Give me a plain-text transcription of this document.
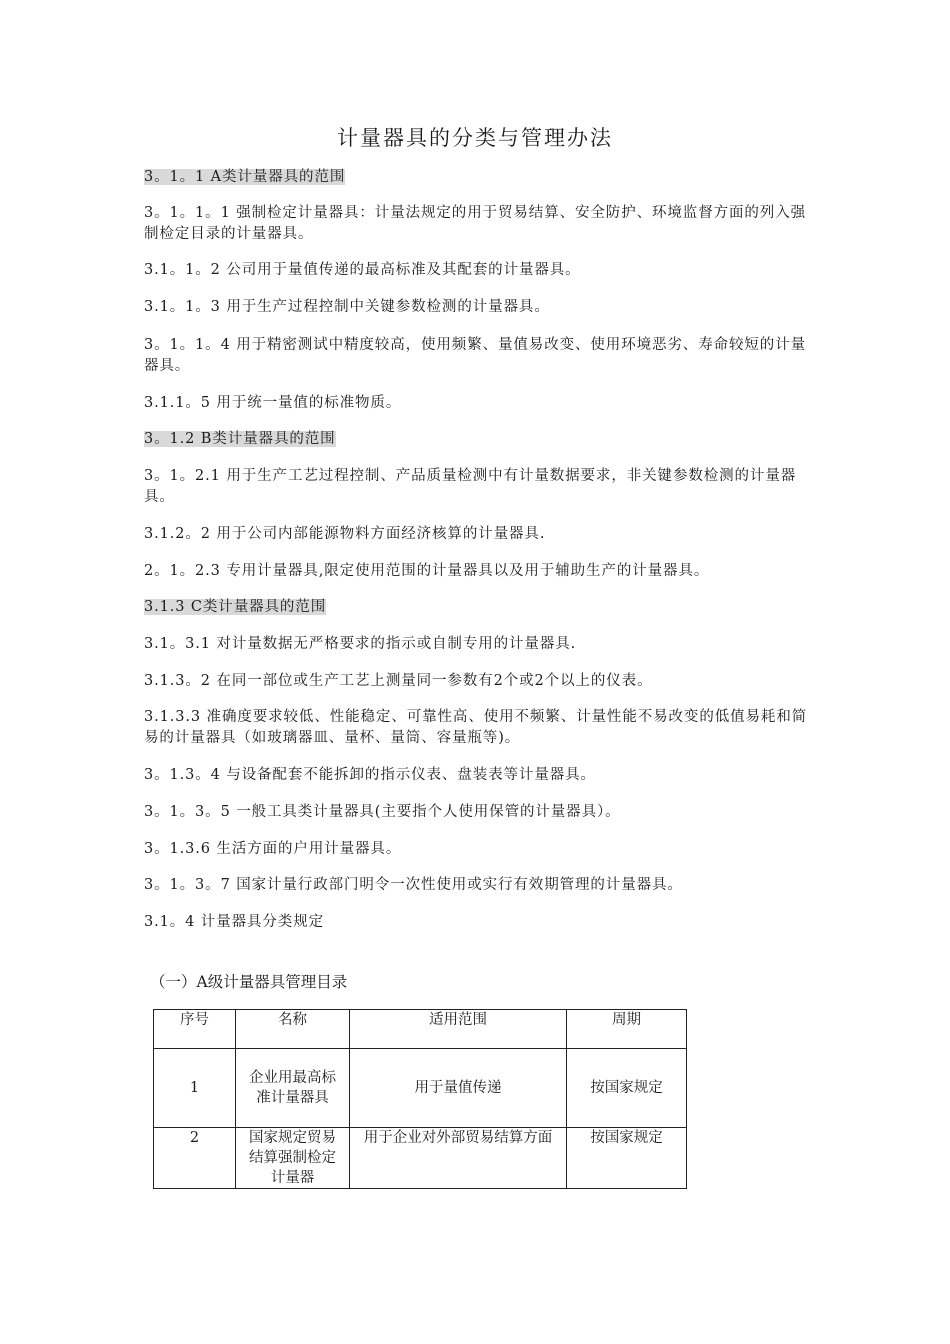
计量器具的分类与管理办法
3。1。1 A类计量器具的范围
3。1。1。1 强制检定计量器具：计量法规定的用于贸易结算、安全防护、环境监督方面的列入强制检定目录的计量器具。
3.1。1。2 公司用于量值传递的最高标准及其配套的计量器具。
3.1。1。3 用于生产过程控制中关键参数检测的计量器具。
3。1。1。4 用于精密测试中精度较高，使用频繁、量值易改变、使用环境恶劣、寿命较短的计量器具。
3.1.1。5 用于统一量值的标准物质。
3。1.2 B类计量器具的范围
3。1。2.1 用于生产工艺过程控制、产品质量检测中有计量数据要求，非关键参数检测的计量器具。
3.1.2。2 用于公司内部能源物料方面经济核算的计量器具.
2。1。2.3 专用计量器具,限定使用范围的计量器具以及用于辅助生产的计量器具。
3.1.3 C类计量器具的范围
3.1。3.1 对计量数据无严格要求的指示或自制专用的计量器具.
3.1.3。2 在同一部位或生产工艺上测量同一参数有2个或2个以上的仪表。
3.1.3.3 准确度要求较低、性能稳定、可靠性高、使用不频繁、计量性能不易改变的低值易耗和简易的计量器具（如玻璃器皿、量杯、量筒、容量瓶等)。
3。1.3。4 与设备配套不能拆卸的指示仪表、盘装表等计量器具。
3。1。3。5 一般工具类计量器具(主要指个人使用保管的计量器具）。
3。1.3.6 生活方面的户用计量器具。
3。1。3。7 国家计量行政部门明令一次性使用或实行有效期管理的计量器具。
3.1。4 计量器具分类规定
（一）A级计量器具管理目录
序号	名称	适用范围	周期
1	企业用最高标准计量器具	用于量值传递	按国家规定
2	国家规定贸易结算强制检定计量器	用于企业对外部贸易结算方面	按国家规定
